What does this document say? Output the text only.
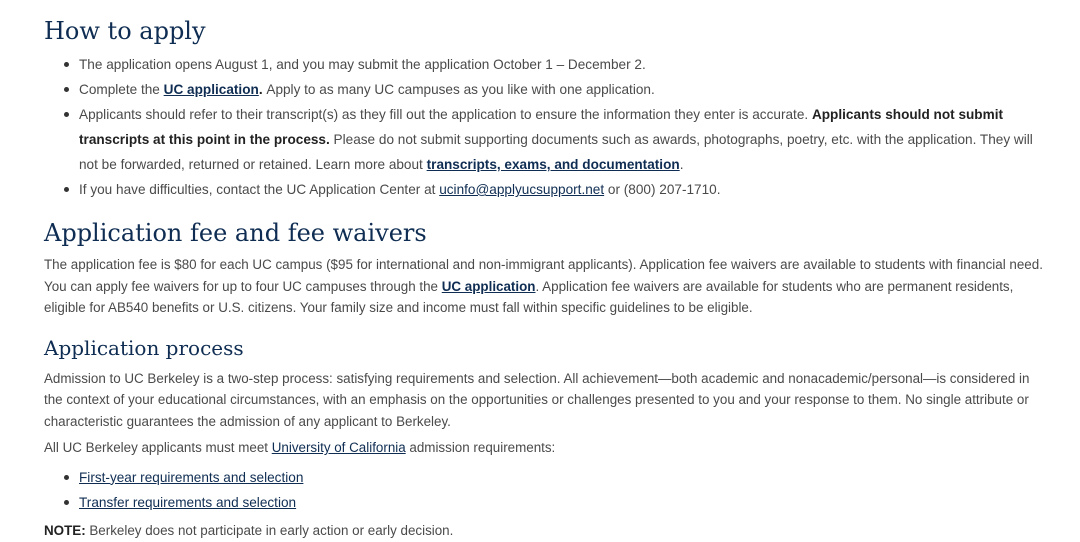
How to apply
The application opens August 1, and you may submit the application October 1 – December 2.
Complete the UC application. Apply to as many UC campuses as you like with one application.
Applicants should refer to their transcript(s) as they fill out the application to ensure the information they enter is accurate. Applicants should not submit transcripts at this point in the process. Please do not submit supporting documents such as awards, photographs, poetry, etc. with the application. They will not be forwarded, returned or retained. Learn more about transcripts, exams, and documentation.
If you have difficulties, contact the UC Application Center at ucinfo@applyucsupport.net or (800) 207-1710.
Application fee and fee waivers

The application fee is $80 for each UC campus ($95 for international and non-immigrant applicants). Application fee waivers are available to students with financial need. You can apply fee waivers for up to four UC campuses through the UC application. Application fee waivers are available for students who are permanent residents, eligible for AB540 benefits or U.S. citizens. Your family size and income must fall within specific guidelines to be eligible.

Application process

Admission to UC Berkeley is a two-step process: satisfying requirements and selection. All achievement—both academic and nonacademic/personal—is considered in the context of your educational circumstances, with an emphasis on the opportunities or challenges presented to you and your response to them. No single attribute or characteristic guarantees the admission of any applicant to Berkeley.

All UC Berkeley applicants must meet University of California admission requirements:

First-year requirements and selection
Transfer requirements and selection

NOTE: Berkeley does not participate in early action or early decision.
